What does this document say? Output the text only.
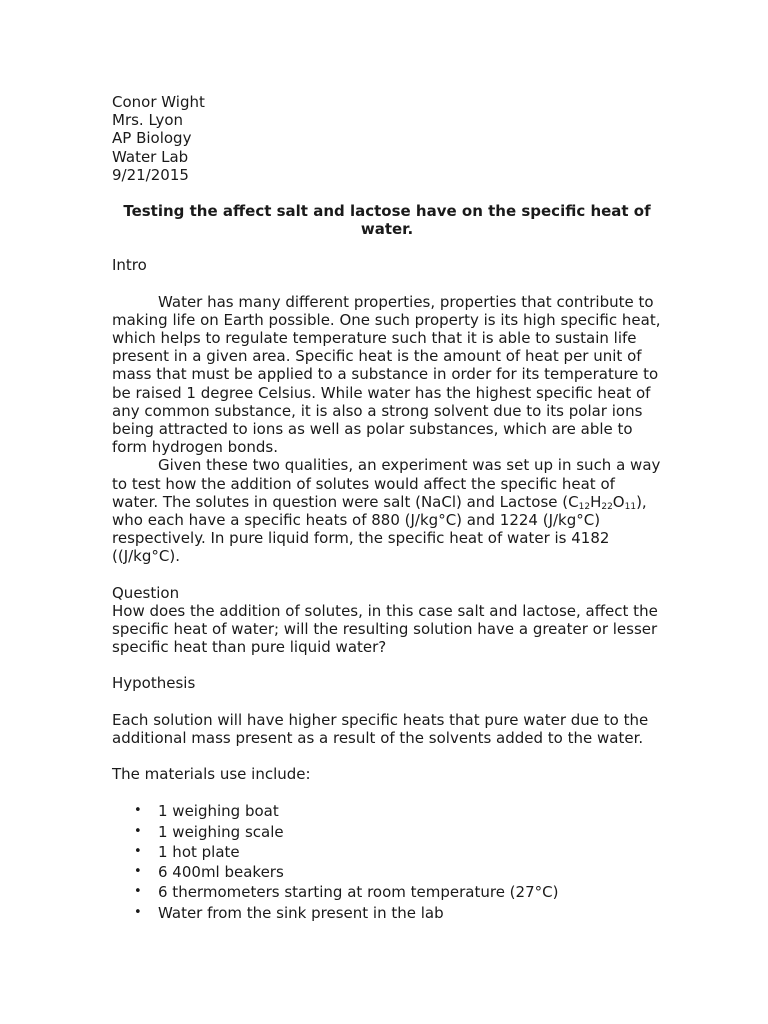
Conor Wight
Mrs. Lyon
AP Biology
Water Lab
9/21/2015
Testing the affect salt and lactose have on the specific heat of water.

Intro

Water has many different properties, properties that contribute to making life on Earth possible. One such property is its high specific heat, which helps to regulate temperature such that it is able to sustain life present in a given area. Specific heat is the amount of heat per unit of mass that must be applied to a substance in order for its temperature to be raised 1 degree Celsius. While water has the highest specific heat of any common substance, it is also a strong solvent due to its polar ions being attracted to ions as well as polar substances, which are able to form hydrogen bonds.

Given these two qualities, an experiment was set up in such a way to test how the addition of solutes would affect the specific heat of water. The solutes in question were salt (NaCl) and Lactose $(C_{12}H_{22}O_{11})$, who each have a specific heats of 880 (J/kg°C) and 1224 (J/kg°C) respectively. In pure liquid form, the specific heat of water is 4182 ((J/kg°C).

Question

How does the addition of solutes, in this case salt and lactose, affect the specific heat of water; will the resulting solution have a greater or lesser specific heat than pure liquid water?

Hypothesis

Each solution will have higher specific heats that pure water due to the additional mass present as a result of the solvents added to the water.

The materials use include:

• 1 weighing boat
• 1 weighing scale
• 1 hot plate
• 6 400ml beakers
• 6 thermometers starting at room temperature (27°C)
• Water from the sink present in the lab
